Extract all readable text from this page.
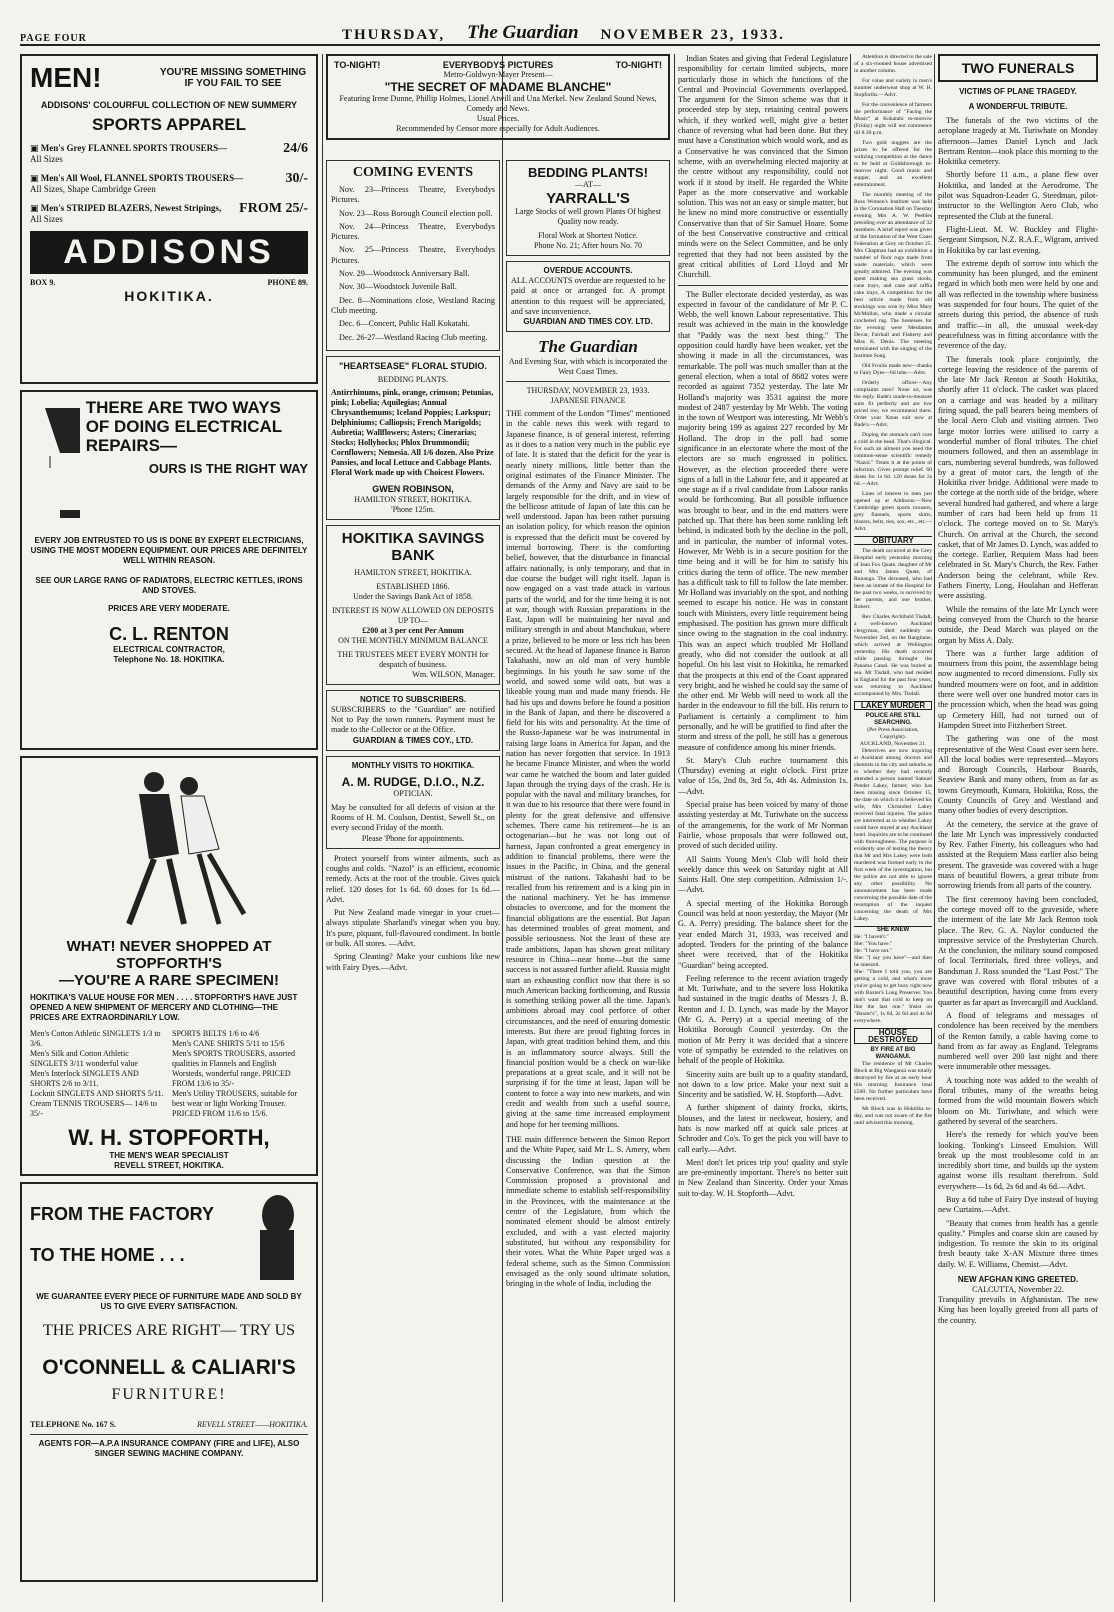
PAGE FOUR	THURSDAY, The Guardian NOVEMBER 23, 1933.
MEN!	YOU'RE MISSING SOMETHING IF YOU FAIL TO SEE
ADDISONS' COLOURFUL COLLECTION OF NEW SUMMERY
SPORTS APPAREL
▣ Men's Grey FLANNEL SPORTS TROUSERS—
All Sizes
24/6
▣ Men's All Wool, FLANNEL SPORTS TROUSERS—
All Sizes, Shape Cambridge Green
30/-
▣ Men's STRIPED BLAZERS, Newest Stripings,
All Sizes
FROM 25/-
ADDISONS
BOX 9.	PHONE 89.
HOKITIKA.
THERE ARE TWO WAYS OF DOING ELECTRICAL REPAIRS—
OURS IS THE RIGHT WAY
EVERY JOB ENTRUSTED TO US IS DONE BY EXPERT ELECTRICIANS, USING THE MOST MODERN EQUIPMENT. OUR PRICES ARE DEFINITELY WELL WITHIN REASON.
SEE OUR LARGE RANG OF RADIATORS, ELECTRIC KETTLES, IRONS AND STOVES.
PRICES ARE VERY MODERATE.
C. L. RENTON
ELECTRICAL CONTRACTOR,
Telephone No. 18. HOKITIKA.
WHAT! NEVER SHOPPED AT STOPFORTH'S
—YOU'RE A RARE SPECIMEN!
HOKITIKA'S VALUE HOUSE FOR MEN . . . . STOPFORTH'S HAVE JUST OPENED A NEW SHIPMENT OF MERCERY AND CLOTHING—THE PRICES ARE EXTRAORDINARILY LOW.
Men's Cotton Athletic SINGLETS 1/3 to 3/6.
Men's Silk and Cotton Athletic SINGLETS 3/11 wonderful value
Men's Interlock SINGLETS AND SHORTS 2/6 to 3/11.
Locknit SINGLETS AND SHORTS 5/11.
Cream TENNIS TROUSERS— 14/6 to 35/-
SPORTS BELTS 1/6 to 4/6
Men's CANE SHIRTS 5/11 to 15/6
Men's SPORTS TROUSERS, assorted qualities in Flannels and English Worsteds, wonderful range. PRICED FROM 13/6 to 35/-
Men's Utility TROUSERS, suitable for best wear or light Working Trouser. PRICED FROM 11/6 to 15/6.
W. H. STOPFORTH,
THE MEN'S WEAR SPECIALIST
REVELL STREET, HOKITIKA.
FROM THE FACTORY
TO THE HOME . . .
WE GUARANTEE EVERY PIECE OF FURNITURE MADE AND SOLD BY US TO GIVE EVERY SATISFACTION.
THE PRICES ARE RIGHT— TRY US
O'CONNELL & CALIARI'S
FURNITURE!
TELEPHONE No. 167 S.	REVELL STREET——HOKITIKA.
AGENTS FOR—A.P.A INSURANCE COMPANY (FIRE and LIFE), ALSO SINGER SEWING MACHINE COMPANY.
TO-NIGHT!	EVERYBODYS PICTURES	TO-NIGHT!
Metro-Goldwyn-Mayer Present—
"THE SECRET OF MADAME BLANCHE"
Featuring Irene Dunne, Phillip Holmes, Lionel Atwill and Una Merkel. New Zealand Sound News, Comedy and News.
Usual Prices.
Recommended by Censor more especially for Adult Audiences.
COMING EVENTS

Nov. 23—Princess Theatre, Everybodys Pictures.

Nov. 23—Ross Borough Council election poll.

Nov. 24—Princess Theatre, Everybodys Pictures.

Nov. 25—Princess Theatre, Everybodys Pictures.

Nov. 29—Woodstock Anniversary Ball.

Nov. 30—Woodstock Juvenile Ball.

Dec. 8—Nominations close, Westland Racing Club meeting.

Dec. 6—Concert, Public Hall Kokatahi.

Dec. 26-27—Westland Racing Club meeting.

"HEARTSEASE" FLORAL STUDIO.
BEDDING PLANTS.
Antirrhinums, pink, orange, crimson; Petunias, pink; Lobelia; Aquilegias; Annual Chrysanthemums; Iceland Poppies; Larkspur; Delphiniums; Calliopsis; French Marigolds; Aubretia; Wallflowers; Asters; Cinerarias; Stocks; Hollyhocks; Phlox Drummondii; Cornflowers; Nemesia. All 1/6 dozen. Also Prize Pansies, and local Lettuce and Cabbage Plants. Floral Work made up with Choicest Flowers.
GWEN ROBINSON,
HAMILTON STREET, HOKITIKA.
'Phone 125m.
HOKITIKA SAVINGS BANK
HAMILTON STREET, HOKITIKA.
ESTABLISHED 1866.
Under the Savings Bank Act of 1858.
INTEREST IS NOW ALLOWED ON DEPOSITS UP TO—
£200 at 3 per cent Per Annum
ON THE MONTHLY MINIMUM BALANCE
THE TRUSTEES MEET EVERY MONTH for despatch of business.
Wm. WILSON, Manager.
NOTICE TO SUBSCRIBERS.
SUBSCRIBERS to the "Guardian" are notified Not to Pay the town runners. Payment must be made to the Collector or at the Office.
GUARDIAN & TIMES COY., LTD.
MONTHLY VISITS TO HOKITIKA.
A. M. RUDGE, D.I.O., N.Z.
OPTICIAN.
May be consulted for all defects of vision at the Rooms of H. M. Coulson, Dentist, Sewell St., on every second Friday of the month.
Please 'Phone for appointments.

Protect yourself from winter ailments, such as coughs and colds. "Nazol" is an efficient, economic remedy. Acts at the root of the trouble. Gives quick relief. 120 doses for 1s 6d. 60 doses for 1s 6d.—Advt.

Put New Zealand made vinegar in your cruet—always stipulate Sharland's vinegar when you buy. It's pure, piquant, full-flavoured condiment. In bottle or bulk. All stores. —Advt.

Spring Cleaning? Make your cushions like new with Fairy Dyes.—Advt.

BEDDING PLANTS!
—AT—
YARRALL'S
Large Stocks of well grown Plants Of highest Quality now ready.
Floral Work at Shortest Notice.
Phone No. 21; After hours No. 70
OVERDUE ACCOUNTS.
ALL ACCOUNTS overdue are requested to be paid at once or arranged for. A prompt attention to this request will be appreciated, and save inconvenience.
GUARDIAN AND TIMES COY. LTD.
The Guardian
And Evening Star, with which is incorporated the West Coast Times.
THURSDAY, NOVEMBER 23, 1933.
JAPANESE FINANCE
THE comment of the London "Times" mentioned in the cable news this week with regard to Japanese finance, is of general interest, referring as it does to a nation very much in the public eye of late. It is stated that the deficit for the year is nearly ninety millions, little better than the original estimates of the Finance Minister. The demands of the Army and Navy are said to be largely responsible for the drift, and in view of the bellicose attitude of Japan of late this can be well understood. Japan has been rather pursuing an isolation policy, for which reason the opinion is expressed that the deficit must be covered by internal borrowing. There is the comforting belief, however, that the disturbance in financial affairs nationally, is only temporary, and that in due course the budget will right itself. Japan is now engaged on a vast trade attack in various parts of the world, and for the time being it is not at war, though with Russian preparations in the East, Japan will be maintaining her naval and military strength in and about Manchukuo, where a prize, believed to be more or less rich has been secured. At the head of Japanese finance is Baron Takahashi, now an old man of very humble beginnings. In his youth he saw some of the world, and sowed some wild oats, but was a likeable young man and made many friends. He had his ups and downs before he found a position in the Bank of Japan, and there he discovered a field for his wits and personality. At the time of the Russo-Japanese war he was instrumental in raising large loans in America for Japan, and the nation has never forgotten that service. In 1913 he became Finance Minister, and when the world war came he watched the boom and later guided Japan through the trying days of the crash. He is popular with the naval and military branches, for it was due to his resource that there were found in plenty for the great defensive and offensive schemes. There came his retirement—he is an octogenarian—but he was not long out of harness, Japan confronted a great emergency in addition to financial problems, there were the issues in the Pacific, in China, and the general mistrust of the nations. Takahashi had to be recalled from his retirement and is a king pin in the national machinery. Yet he has immense obstacles to overcome, and for the moment the financial obligations are the essential. But Japan has determined troubles of great moment, and possible seriousness. Not the least of these are trade ambitions, Japan has shown great military resource in China—near home—but the same success is not assured further afield. Russia might start an exhausting conflict now that there is so much American backing forthcoming, and Russia is something striking power all the time. Japan's ambitions abroad may cool perforce of other circumstances, and the need of ensuring domestic interests. But there are proud fighting forces in Japan, with great tradition behind them, and this is an inflammatory source always. Still the financial position would be a check on war-like preparations at a great scale, and it will not be surprising if for the time at least, Japan will be content to force a way into new markets, and win credit and wealth from such a useful source, giving at the same time increased employment and hope for her teeming millions.
THE main difference between the Simon Report and the White Paper, said Mr L. S. Amery, when discussing the Indian question at the Conservative Conference, was that the Simon Commission proposed a provisional and immediate scheme to establish self-responsibility in the Provinces, with the maintenance at the centre of the Legislature, from which the nominated element should be almost entirely excluded, and with a vast elected majority substituted, but without any responsibility for their votes. What the White Paper urged was a federal scheme, such as the Simon Commission envisaged as the only sound ultimate solution, bringing in the whole of India, including the

Indian States and giving that Federal Legislature responsibility for certain limited subjects, more particularly those in which the functions of the Central and Provincial Governments overlapped. The argument for the Simon scheme was that it proceeded step by step, retaining central powers which, if they worked well, might give a better chance of reversing what had been done. But they must have a Constitution which would work, and as a Conservative he was convinced that the Simon scheme, with an overwhelming elected majority at the centre without any responsibility, could not work if it stood by itself. He regarded the White Paper as the more conservative and workable solution. This was not an easy or simple matter, but he knew no mind more constructive or essentially Conservative than that of Sir Samuel Hoare. Some of the best Conservative constructive and critical minds were on the Select Committee, and he only regretted that they had not been assisted by the great critical abilities of Lord Lloyd and Mr Churchill.

The Buller electorate decided yesterday, as was expected in favour of the candidature of Mr P. C. Webb, the well known Labour representative. This result was achieved in the main in the knowledge that "Paddy was the next best thing." The opposition could hardly have been weaker, yet the showing it made in all the circumstances, was remarkable. The poll was much smaller than at the general election, when a total of 8682 votes were recorded as against 7352 yesterday. The late Mr Holland's majority was 3531 against the more modest of 2487 yesterday by Mr Webb. The voting in the town of Westport was interesting, Mr Webb's majority being 199 as against 227 recorded by Mr Holland. The drop in the poll had some significance in an electorate where the most of the electors are so much engrossed in politics. However, as the election proceeded there were signs of a lull in the Labour fete, and it appeared at one stage as if a rival candidate from Labour ranks would be forthcoming. But all possible influence was brought to bear, and in the end matters were patched up. That there has been some rankling left behind, is indicated both by the decline in the poll, and in particular, the number of informal votes. However, Mr Webb is in a secure position for the time being and it will be for him to satisfy his critics during the term of office. The new member has a difficult task to fill to follow the late member. Mr Holland was invariably on the spot, and nothing seemed to escape his notice. He was in constant touch with Ministers, every little requirement being emphasised. The position has grown more difficult since owing to the stagnation in the coal industry. This was an aspect which troubled Mr Holland greatly, who did not consider the outlook at all hopeful. On his last visit to Hokitika, he remarked that the prospects at this end of the Coast appeared very bright, and he wished he could say the same of the other end. Mr Webb will need to work all the harder in the endeavour to fill the bill. His return to Parliament is certainly a compliment to him personally, and he will be gratified to find after the storm and stress of the poll, he still has a generous measure of confidence among his miner friends.

St. Mary's Club euchre tournament this (Thursday) evening at eight o'clock. First prize value of 15s, 2nd 8s, 3rd 5s, 4th 4s. Admission 1s. —Advt.

Special praise has been voiced by many of those assisting yesterday at Mt. Turiwhate on the success of the arrangements, for the work of Mr Norman Fairlie, whose proposals that were followed out, proved of such decided utility.

All Saints Young Men's Club will hold their weekly dance this week on Saturday night at All Saints Hall. One step competition. Admission 1/-.—Advt.

A special meeting of the Hokitika Borough Council was held at noon yesterday, the Mayor (Mr G. A. Perry) presiding. The balance sheet for the year ended March 31, 1933, was received and adopted. Tenders for the printing of the balance sheet were received, that of the Hokitika "Guardian" being accepted.

Feeling reference to the recent aviation tragedy at Mt. Turiwhate, and to the severe loss Hokitika had sustained in the tragic deaths of Messrs J. B. Renton and J. D. Lynch, was made by the Mayor (Mr G. A. Perry) at a special meeting of the Hokitika Borough Council yesterday. On the motion of Mr Perry it was decided that a sincere vote of sympathy be extended to the relatives on behalf of the people of Hokitika.

Sincerity suits are built up to a quality standard, not down to a low price. Make your next suit a Sincerity and be satisfied. W. H. Stopforth—Advt.

A further shipment of dainty frocks, skirts, blouses, and the latest in neckwear, hosiery, and hats is now marked off at quick sale prices at Schroder and Co's. To get the pick you will have to call early.—Advt.

Men! don't let prices trip you! quality and style are pre-eminently important. There's no better suit in New Zealand than Sincerity. Order your Xmas suit to-day. W. H. Stopforth—Advt.

TWO FUNERALS
VICTIMS OF PLANE TRAGEDY.
A WONDERFUL TRIBUTE.

The funerals of the two victims of the aeroplane tragedy at Mt. Turiwhate on Monday afternoon—James Daniel Lynch and Jack Bertram Renton—took place this morning to the Hokitika cemetery.

Shortly before 11 a.m., a plane flew over Hokitika, and landed at the Aerodrome. The pilot was Squadron-Leader G. Steedman, pilot-instructor to the Wellington Aero Club, who represented the Club at the funeral.

Flight-Lieut. M. W. Buckley and Flight-Sergeant Simpson, N.Z. R.A.F., Wigram, arrived in Hokitika by car last evening.

The extreme depth of sorrow into which the community has been plunged, and the eminent regard in which both men were held by one and all was reflected in the township where business was suspended for four hours. The quiet of the streets during this period, the absence of rush and traffic—in all, the unusual week-day peacefulness was in fitting accordance with the reverence of the day.

The funerals took place conjointly, the cortege leaving the residence of the parents of the late Mr Jack Renton at South Hokitika, shortly after 11 o'clock. The casket was placed on a carriage and was headed by a military firing squad, the pall bearers being members of the local Aero Club and visiting airmen. Two large motor lorries were utilised to carry a wonderful number of floral tributes. The chief mourners followed, and then an assemblage in cars, numbering several hundreds, was followed by a great of motor cars, the length of the Hokitika river bridge. Additional were made to the cortege at the north side of the bridge, where several hundred had gathered, and where a large number of cars had been held up from 11 o'clock. The cortege moved on to St. Mary's Church. On arrival at the Church, the second casket, that of Mr James D. Lynch, was added to the cortege. Earlier, Requiem Mass had been celebrated in St. Mary's Church, the Rev. Father Anderson being the celebrant, while Rev. Fathers Finerty, Long, Houlahan and Hefferan were assisting.

While the remains of the late Mr Lynch were being conveyed from the Church to the hearse outside, the Dead March was played on the organ by Miss A. Daly.

There was a further large addition of mourners from this point, the assemblage being now augmented to record dimensions. Fully six hundred mourners were on foot, and in addition there were well over one hundred motor cars in the procession which, when the head was going up Cemetery Hill, had not turned out of Hampden Street into Fitzherbert Street.

The gathering was one of the most representative of the West Coast ever seen here. All the local bodies were represented—Mayors and Borough Councils, Harbour Boards, Seaview Bank and many others, from as far as towns Greymouth, Kumara, Hokitika, Ross, the County Councils of Grey and Westland and many other bodies of every description.

At the cemetery, the service at the grave of the late Mr Lynch was impressively conducted by Rev. Father Finerty, his colleagues who had assisted at the Requiem Mass earlier also being present. The graveside was covered with a huge mass of beautiful flowers, a great tribute from sorrowing friends from all parts of the country.

The first ceremony having been concluded, the cortege moved off to the graveside, where the interment of the late Mr Jack Renton took place. The Rev. G. A. Naylor conducted the impressive service of the Presbyterian Church. At the conclusion, the military sound composed of local Territorials, fired three volleys, and Bandsman J. Ross sounded the "Last Post." The grave was covered with floral tributes of a beautiful description, having come from every quarter as far apart as Invercargill and Auckland.

A flood of telegrams and messages of condolence has been received by the members of the Renton family, a cable having come to hand from as far away as England. Telegrams numbered well over 200 last night and there were innumerable other messages.

A touching note was added to the wealth of floral tributes, many of the wreaths being formed from the wild mountain flowers which bloom on Mt. Turiwhate, and which were gathered by several of the searchers.

Here's the remedy for which you've been looking. Tonking's Linseed Emulsion. Will break up the most troublesome cold in an incredibly short time, and builds up the system against worse ills resultant therefrom. Sold everywhere—1s 6d, 2s 6d and 4s 6d.—Advt.

Buy a 6d tube of Fairy Dye instead of buying new Curtains.—Advt.

"Beauty that comes from health has a gentle quality." Pimples and coarse skin are caused by indigestion. To restore the skin to its original fresh beauty take X-AN Mixture three times daily. W. E. Williams, Chemist.—Advt.

NEW AFGHAN KING GREETED.
CALCUTTA, November 22.
Tranquility prevails in Afghanistan. The new King has been loyally greeted from all parts of the country.

Attention is directed to the sale of a six-roomed house advertised in another column.

For value and variety in men's summer underwear shop at W. H. Stopforths.—Advt.

For the convenience of farmers the performance of "Facing the Music" at Kokatahi to-morrow (Friday) night will not commence till 8.30 p.m.

Two gold nuggets are the prizes to be offered for the waltzing competition at the dance to be held at Goldsborough to-morrow night. Good music and supper, and an excellent entertainment.

The monthly meeting of the Ross Women's Institute was held in the Coronation Hall on Tuesday evening Mrs A. W. Peebles presiding over an attendance of 32 members. A brief report was given of the formation of the West Coast Federation at Grey on October 25. Mrs Chapman had an exhibition a number of floor rugs made from waste materials, which were greatly admired. The evening was spent making sea grass stools, cane trays, and cane and raffia cake trays. A competition for the best article made from old stockings was won by Miss Mary McMullan, who made a circular crocheted rug. The hostesses for the evening were Mesdames Devar, Fairhall and Flaherty and Miss K. Denis. The meeting terminated with the singing of the Institute Song.

Old Frocks made new—thanks to Fairy Dyes—6d tube.—Advt.

Orderly officer—Any complaints men? None sir, was the reply. Bade's made-to-measure suits fit perfectly and are low priced too; we recommend them. Order your Xmas suit now at Bade's.—Advt.

Doping the stomach can't cure a cold in the head. That's illogical. For such an ailment you need the common-sense scientific remedy "Nazol." Treats it at the points of infection. Gives prompt relief. 60 doses for 1s 6d. 120 doses for 2s 6d.—Advt.

Lines of interest to men just opened up at Addisons:—New Cambridge green sports trousers, grey flannels, sports shirts, blazers, belts, ties, sox, etc., etc.—Advt.

OBITUARY

The death occurred at the Grey Hospital early yesterday morning of Jean Fox Quate, daughter of Mr and Mrs James Quate, of Runanga. The deceased, who had been an inmate of the Hospital for the past two weeks, is survived by her parents, and one brother, Robert.

Rev Charles Archibald Tisdall, a well-known Auckland clergyman, died suddenly on November 2nd, on the Rangitane, which arrived at Wellington yesterday. His death occurred while passing throught the Panama Canal. He was buried at sea. Mr Tisdall, who had resided in England for the past four years, was returning to Auckland accompanied by Mrs. Tisdall.

LAKEY MURDER
POLICE ARE STILL SEARCHING.
(Per Press Association, Copyright).
AUCKLAND, November 21.

Detectives are now inquiring at Auckland among doctors and chemists in the city and suburbs as to whether they had recently attended a person named Samuel Pender Lakey, farmer, who has been missing since October 15, the date on which it is believed his wife, Mrs Christobel Lakey received fatal injuries. The police are interested as to whether Lakey could have stayed at any Auckland hotel. Inquiries are to be continued with thoroughness. The purpose is evidently one of testing the theory that Mr and Mrs Lakey were both murdered was formed early in the first week of the investigation, but the police are not able to ignore any other possibility. No announcement has been made concerning the possible date of the resumption of the inquest concerning the death of Mrs Lakey.

SHE KNEW
He: "I haven't."
She: "You have."
He: "I have not."
She: "I say you have"—and then he sneezed.
She: "There I told you, you are getting a cold, and what's more you're going to get busy right now with Baxter's Lung Preserver. You don't want that cold to keep on like the last one." Insist on "Baxter's", 1s 6d, 2s 6d and 4s 6d everywhere.
HOUSE DESTROYED
BY FIRE AT BIG WANGANUI.

The residence of Mr Charles Block at Big Wanganui was totally destroyed by fire at an early hour this morning. Insurance total £500. No further particulars have been received.

Mr Block was in Hokitika to-day, and was not aware of the fire until advised this morning.
